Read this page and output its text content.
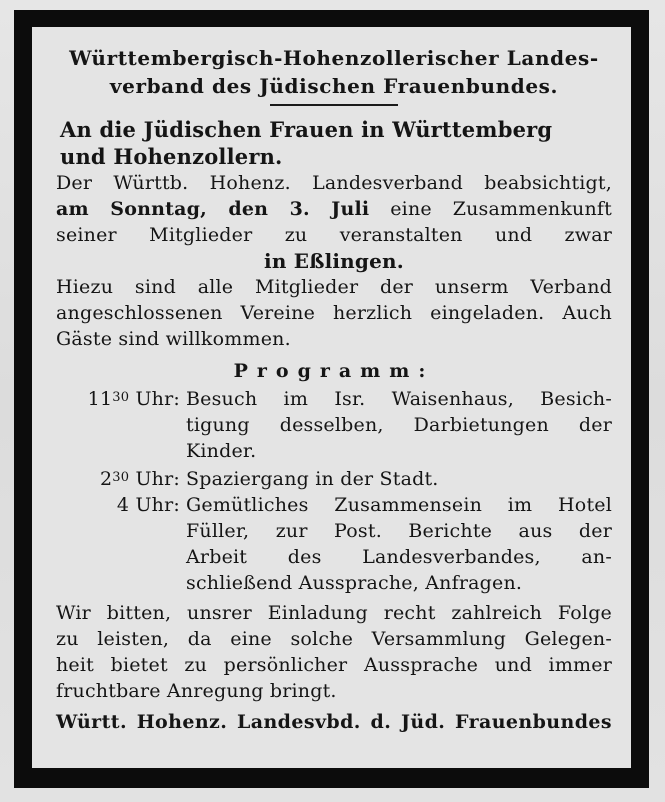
Württembergisch-Hohenzollerischer Landes-
verband des Jüdischen Frauenbundes.
An die Jüdischen Frauen in Württemberg
und Hohenzollern.
Der Württb. Hohenz. Landesverband beabsichtigt,
am Sonntag, den 3. Juli eine Zusammenkunft
seiner Mitglieder zu veranstalten und zwar
in Eßlingen.
Hiezu sind alle Mitglieder der unserm Verband
angeschlossenen Vereine herzlich eingeladen. Auch
Gäste sind willkommen.
Programm:
$11^{30}$ Uhr: Besuch im Isr. Waisenhaus, Besich-
tigung desselben, Darbietungen der
Kinder.
$2^{30}$ Uhr: Spaziergang in der Stadt.
4 Uhr: Gemütliches Zusammensein im Hotel
Füller, zur Post. Berichte aus der
Arbeit des Landesverbandes, an-
schließend Aussprache, Anfragen.
Wir bitten, unsrer Einladung recht zahlreich Folge
zu leisten, da eine solche Versammlung Gelegen-
heit bietet zu persönlicher Aussprache und immer
fruchtbare Anregung bringt.
Württ. Hohenz. Landesvbd. d. Jüd. Frauenbundes
